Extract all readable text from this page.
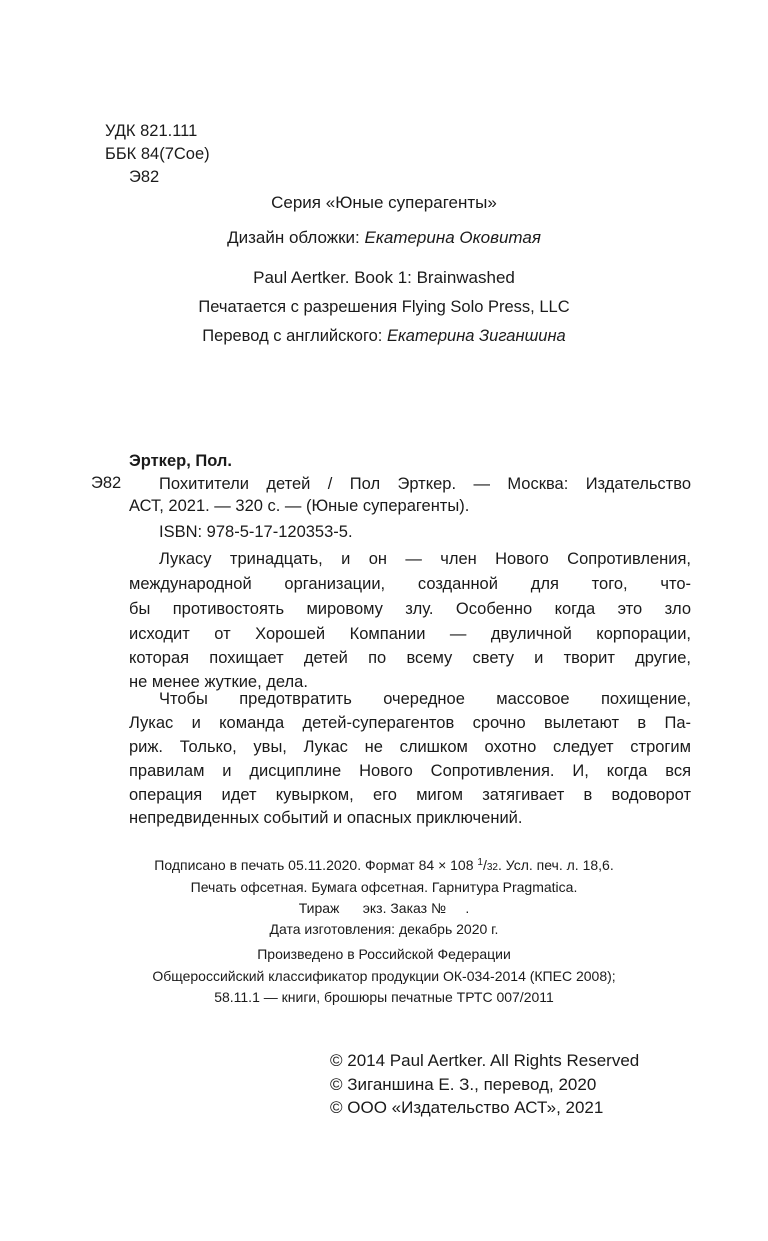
УДК 821.111
ББК 84(7Сое)
Э82
Серия «Юные суперагенты»
Дизайн обложки: Екатерина Оковитая
Paul Aertker. Book 1: Brainwashed
Печатается с разрешения Flying Solo Press, LLC
Перевод с английского: Екатерина Зиганшина
Эрткер, Пол.
Э82 Похитители детей / Пол Эрткер. — Москва: Издательство
АСТ, 2021. — 320 с. — (Юные суперагенты).
ISBN: 978-5-17-120353-5.
Лукасу тринадцать, и он — член Нового Сопротивления,
международной организации, созданной для того, что-
бы противостоять мировому злу. Особенно когда это зло
исходит от Хорошей Компании — двуличной корпорации,
которая похищает детей по всему свету и творит другие,
не менее жуткие, дела.
Чтобы предотвратить очередное массовое похищение,
Лукас и команда детей-суперагентов срочно вылетают в Па-
риж. Только, увы, Лукас не слишком охотно следует строгим
правилам и дисциплине Нового Сопротивления. И, когда вся
операция идет кувырком, его мигом затягивает в водоворот
непредвиденных событий и опасных приключений.
Подписано в печать 05.11.2020. Формат 84 × 108 $^1$/32. Усл. печ. л. 18,6.
Печать офсетная. Бумага офсетная. Гарнитура Pragmatica.
Тираж      экз. Заказ №     .
Дата изготовления: декабрь 2020 г.
Произведено в Российской Федерации
Общероссийский классификатор продукции ОК-034-2014 (КПЕС 2008);
58.11.1 — книги, брошюры печатные ТРТС 007/2011
© 2014 Paul Aertker. All Rights Reserved
© Зиганшина Е. З., перевод, 2020
© ООО «Издательство АСТ», 2021
